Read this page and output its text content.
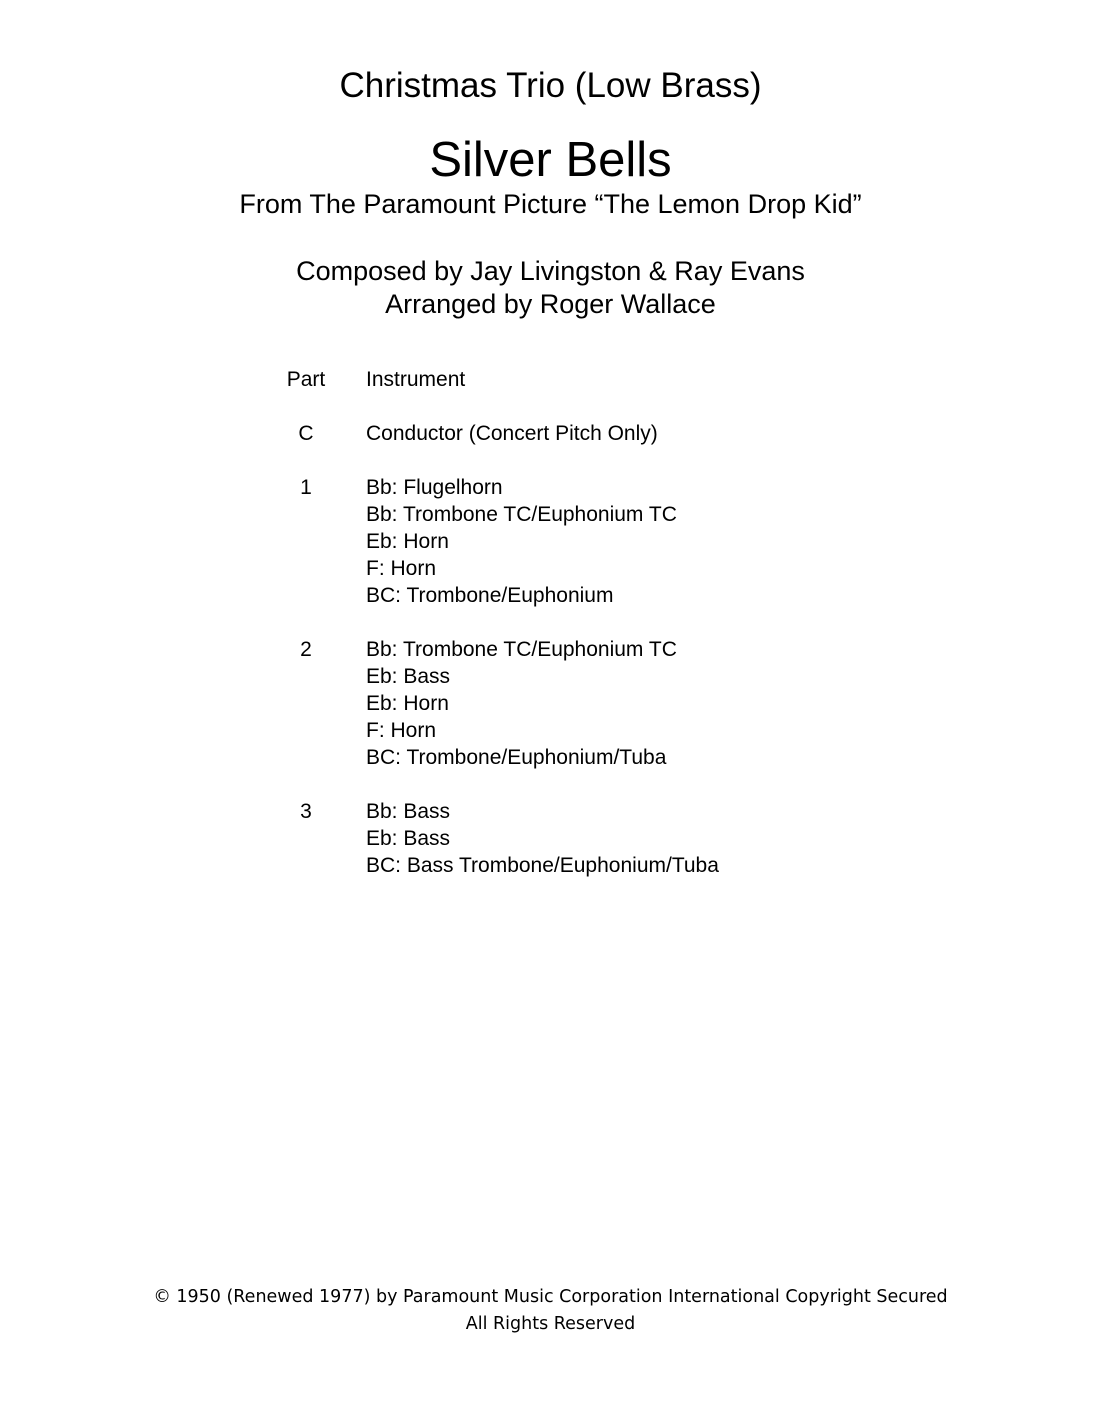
Christmas Trio (Low Brass)
Silver Bells
From The Paramount Picture “The Lemon Drop Kid”
Composed by Jay Livingston & Ray Evans
Arranged by Roger Wallace
Part	Instrument
C	Conductor (Concert Pitch Only)
1	Bb: Flugelhorn
Bb: Trombone TC/Euphonium TC
Eb: Horn
F: Horn
BC: Trombone/Euphonium
2	Bb: Trombone TC/Euphonium TC
Eb: Bass
Eb: Horn
F: Horn
BC: Trombone/Euphonium/Tuba
3	Bb: Bass
Eb: Bass
BC: Bass Trombone/Euphonium/Tuba
© 1950 (Renewed 1977) by Paramount Music Corporation International Copyright Secured
All Rights Reserved
